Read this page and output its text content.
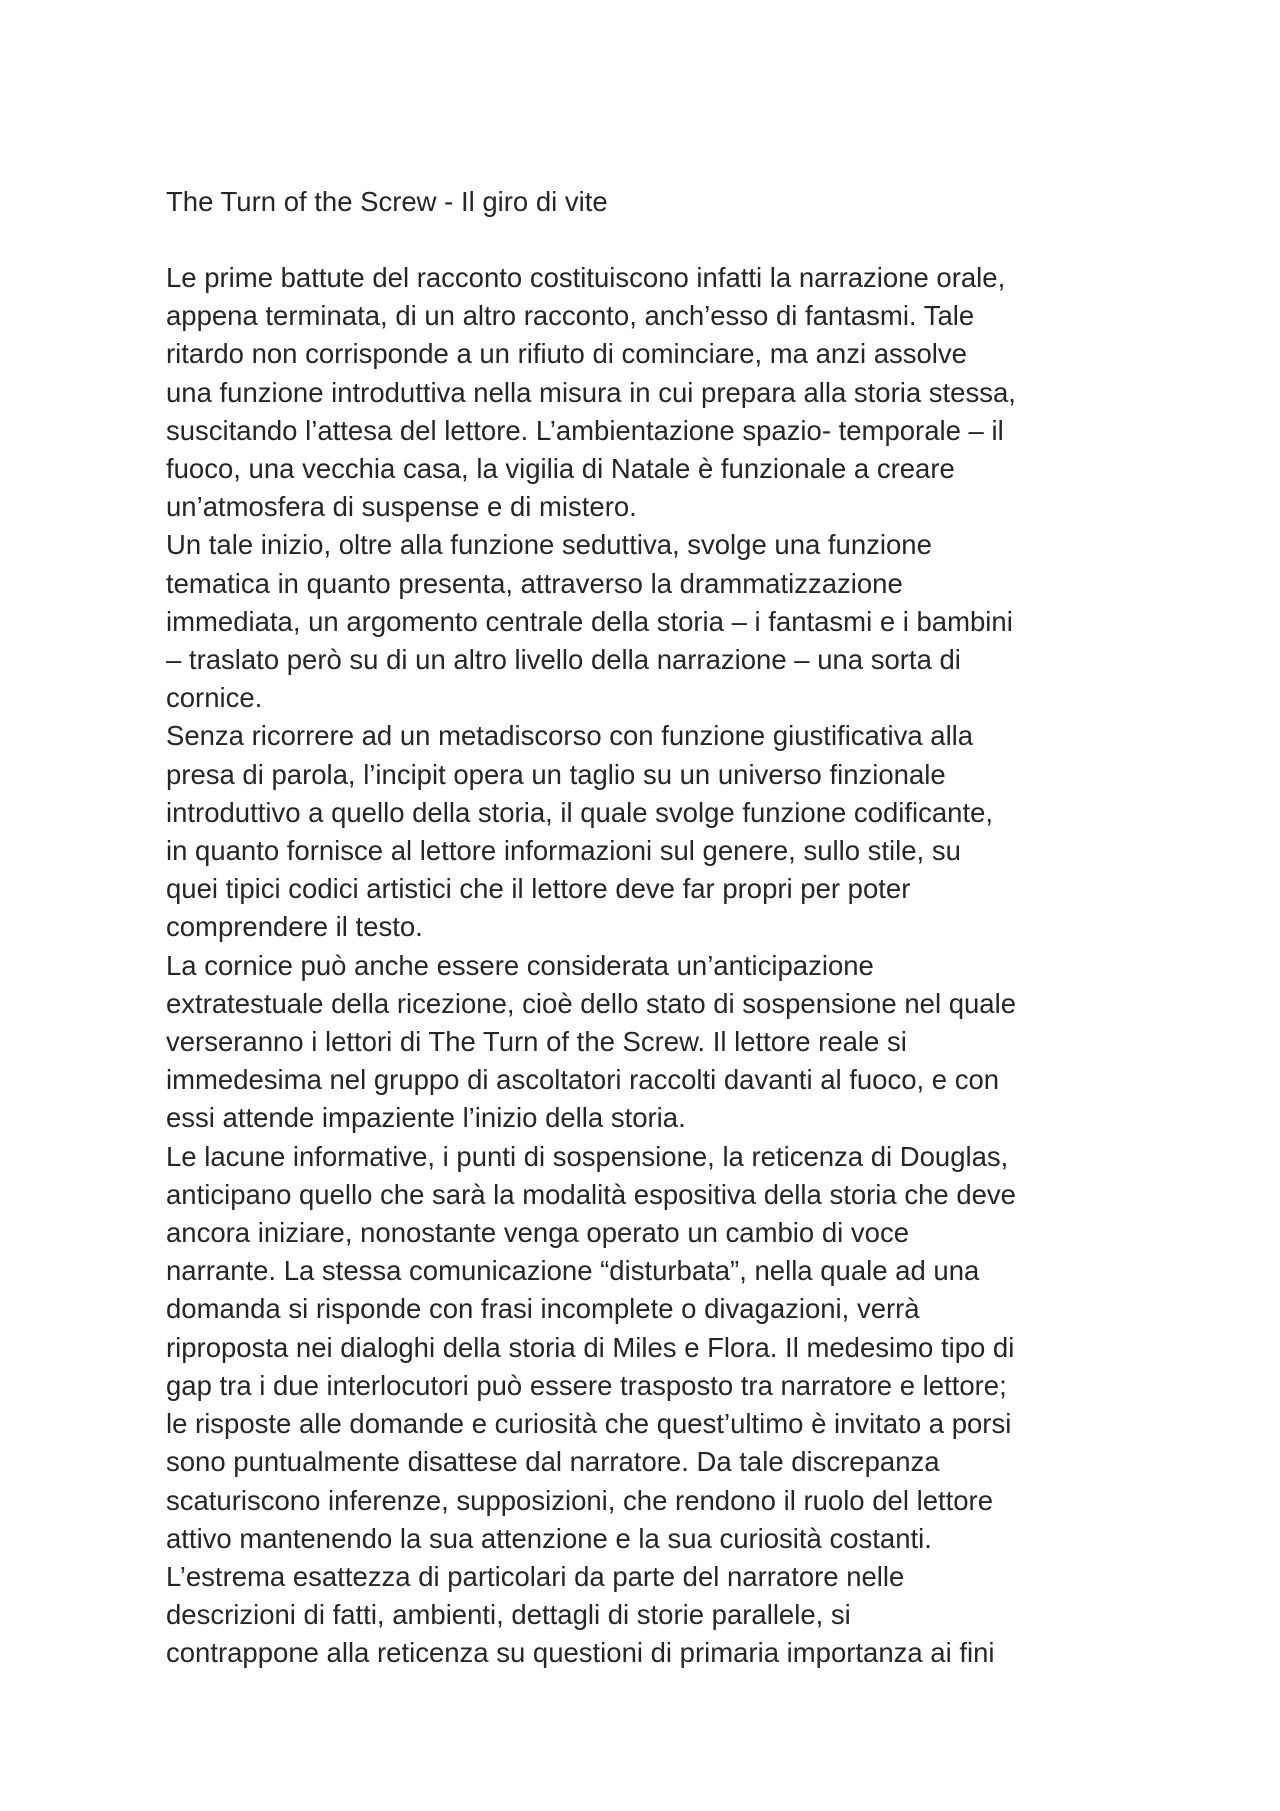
The Turn of the Screw - Il giro di vite
Le prime battute del racconto costituiscono infatti la narrazione orale,
appena terminata, di un altro racconto, anch’esso di fantasmi. Tale
ritardo non corrisponde a un rifiuto di cominciare, ma anzi assolve
una funzione introduttiva nella misura in cui prepara alla storia stessa,
suscitando l’attesa del lettore. L’ambientazione spazio- temporale – il
fuoco, una vecchia casa, la vigilia di Natale è funzionale a creare
un’atmosfera di suspense e di mistero.
Un tale inizio, oltre alla funzione seduttiva, svolge una funzione
tematica in quanto presenta, attraverso la drammatizzazione
immediata, un argomento centrale della storia – i fantasmi e i bambini
– traslato però su di un altro livello della narrazione – una sorta di
cornice.
Senza ricorrere ad un metadiscorso con funzione giustificativa alla
presa di parola, l’incipit opera un taglio su un universo finzionale
introduttivo a quello della storia, il quale svolge funzione codificante,
in quanto fornisce al lettore informazioni sul genere, sullo stile, su
quei tipici codici artistici che il lettore deve far propri per poter
comprendere il testo.
La cornice può anche essere considerata un’anticipazione
extratestuale della ricezione, cioè dello stato di sospensione nel quale
verseranno i lettori di The Turn of the Screw. Il lettore reale si
immedesima nel gruppo di ascoltatori raccolti davanti al fuoco, e con
essi attende impaziente l’inizio della storia.
Le lacune informative, i punti di sospensione, la reticenza di Douglas,
anticipano quello che sarà la modalità espositiva della storia che deve
ancora iniziare, nonostante venga operato un cambio di voce
narrante. La stessa comunicazione “disturbata”, nella quale ad una
domanda si risponde con frasi incomplete o divagazioni, verrà
riproposta nei dialoghi della storia di Miles e Flora. Il medesimo tipo di
gap tra i due interlocutori può essere trasposto tra narratore e lettore;
le risposte alle domande e curiosità che quest’ultimo è invitato a porsi
sono puntualmente disattese dal narratore. Da tale discrepanza
scaturiscono inferenze, supposizioni, che rendono il ruolo del lettore
attivo mantenendo la sua attenzione e la sua curiosità costanti.
L’estrema esattezza di particolari da parte del narratore nelle
descrizioni di fatti, ambienti, dettagli di storie parallele, si
contrappone alla reticenza su questioni di primaria importanza ai fini
